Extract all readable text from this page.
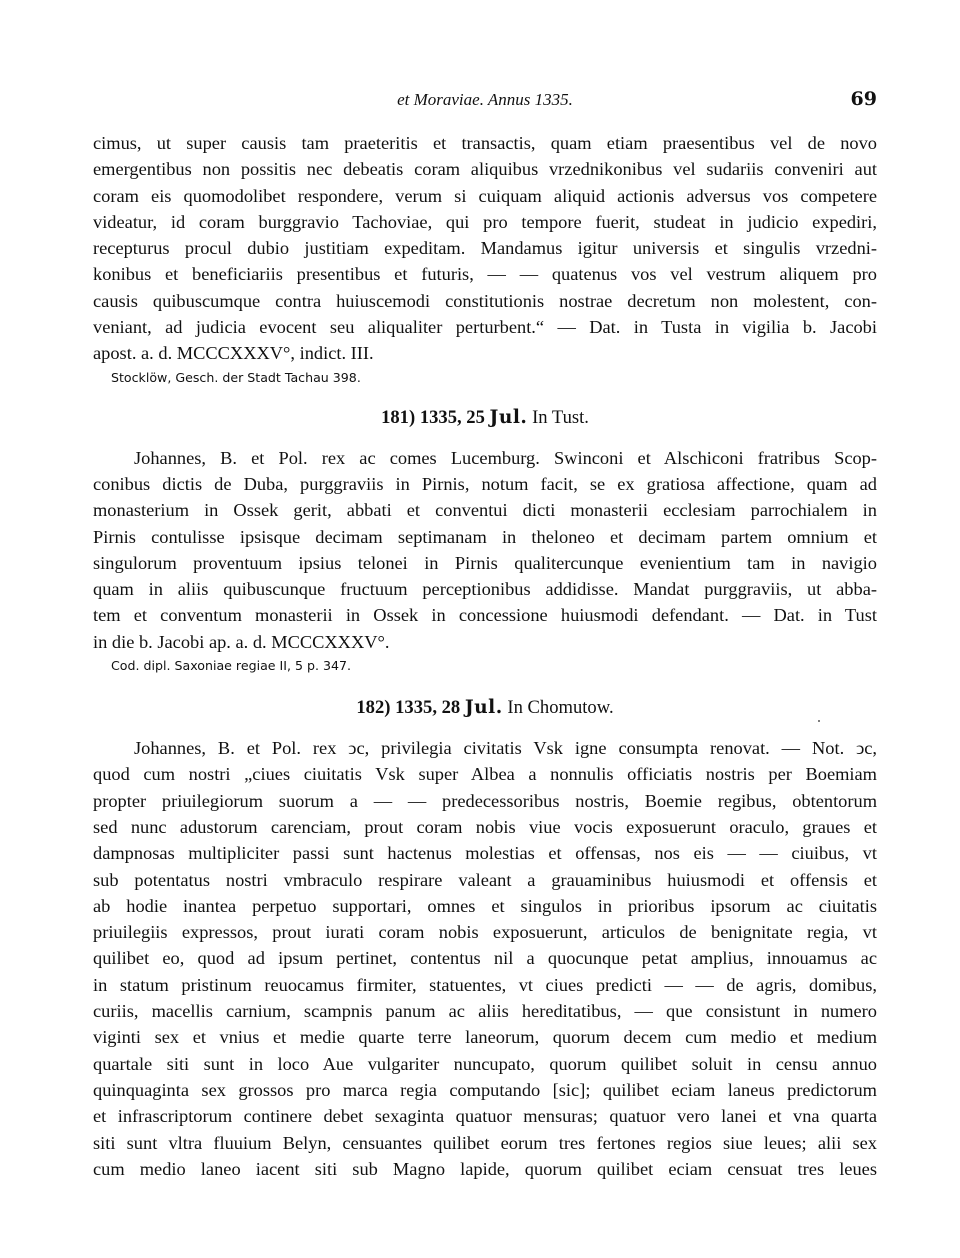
et Moraviae. Annus 1335.	69
cimus, ut super causis tam praeteritis et transactis, quam etiam praesentibus vel de novo
emergentibus non possitis nec debeatis coram aliquibus vrzednikonibus vel sudariis conveniri aut
coram eis quomodolibet respondere, verum si cuiquam aliquid actionis adversus vos competere
videatur, id coram burggravio Tachoviae, qui pro tempore fuerit, studeat in judicio expediri,
recepturus procul dubio justitiam expeditam. Mandamus igitur universis et singulis vrzedni-
konibus et beneficiariis presentibus et futuris, — — quatenus vos vel vestrum aliquem pro
causis quibuscumque contra huiuscemodi constitutionis nostrae decretum non molestent, con-
veniant, ad judicia evocent seu aliqualiter perturbent.“ — Dat. in Tusta in vigilia b. Jacobi
apost. a. d. MCCCXXXV°, indict. III.
Stocklöw, Gesch. der Stadt Tachau 398.
181) 1335, 25 Jul. In Tust.
Johannes, B. et Pol. rex ac comes Lucemburg. Swinconi et Alschiconi fratribus Scop-
conibus dictis de Duba, purggraviis in Pirnis, notum facit, se ex gratiosa affectione, quam ad
monasterium in Ossek gerit, abbati et conventui dicti monasterii ecclesiam parrochialem in
Pirnis contulisse ipsisque decimam septimanam in theloneo et decimam partem omnium et
singulorum proventuum ipsius telonei in Pirnis qualitercunque evenientium tam in navigio
quam in aliis quibuscunque fructuum perceptionibus addidisse. Mandat purggraviis, ut abba-
tem et conventum monasterii in Ossek in concessione huiusmodi defendant. — Dat. in Tust
in die b. Jacobi ap. a. d. MCCCXXXV°.
Cod. dipl. Saxoniae regiae II, 5 p. 347.
182) 1335, 28 Jul. In Chomutow.
Johannes, B. et Pol. rex ↄc, privilegia civitatis Vsk igne consumpta renovat. — Not. ↄc,
quod cum nostri „ciues ciuitatis Vsk super Albea a nonnulis officiatis nostris per Boemiam
propter priuilegiorum suorum a — — predecessoribus nostris, Boemie regibus, obtentorum
sed nunc adustorum carenciam, prout coram nobis viue vocis exposuerunt oraculo, graues et
dampnosas multipliciter passi sunt hactenus molestias et offensas, nos eis — — ciuibus, vt
sub potentatus nostri vmbraculo respirare valeant a grauaminibus huiusmodi et offensis et
ab hodie inantea perpetuo supportari, omnes et singulos in prioribus ipsorum ac ciuitatis
priuilegiis expressos, prout iurati coram nobis exposuerunt, articulos de benignitate regia, vt
quilibet eo, quod ad ipsum pertinet, contentus nil a quocunque petat amplius, innouamus ac
in statum pristinum reuocamus firmiter, statuentes, vt ciues predicti — — de agris, domibus,
curiis, macellis carnium, scampnis panum ac aliis hereditatibus, — que consistunt in numero
viginti sex et vnius et medie quarte terre laneorum, quorum decem cum medio et medium
quartale siti sunt in loco Aue vulgariter nuncupato, quorum quilibet soluit in censu annuo
quinquaginta sex grossos pro marca regia computando [sic]; quilibet eciam laneus predictorum
et infrascriptorum continere debet sexaginta quatuor mensuras; quatuor vero lanei et vna quarta
siti sunt vltra fluuium Belyn, censuantes quilibet eorum tres fertones regios siue leues; alii sex
cum medio laneo iacent siti sub Magno lapide, quorum quilibet eciam censuat tres leues
